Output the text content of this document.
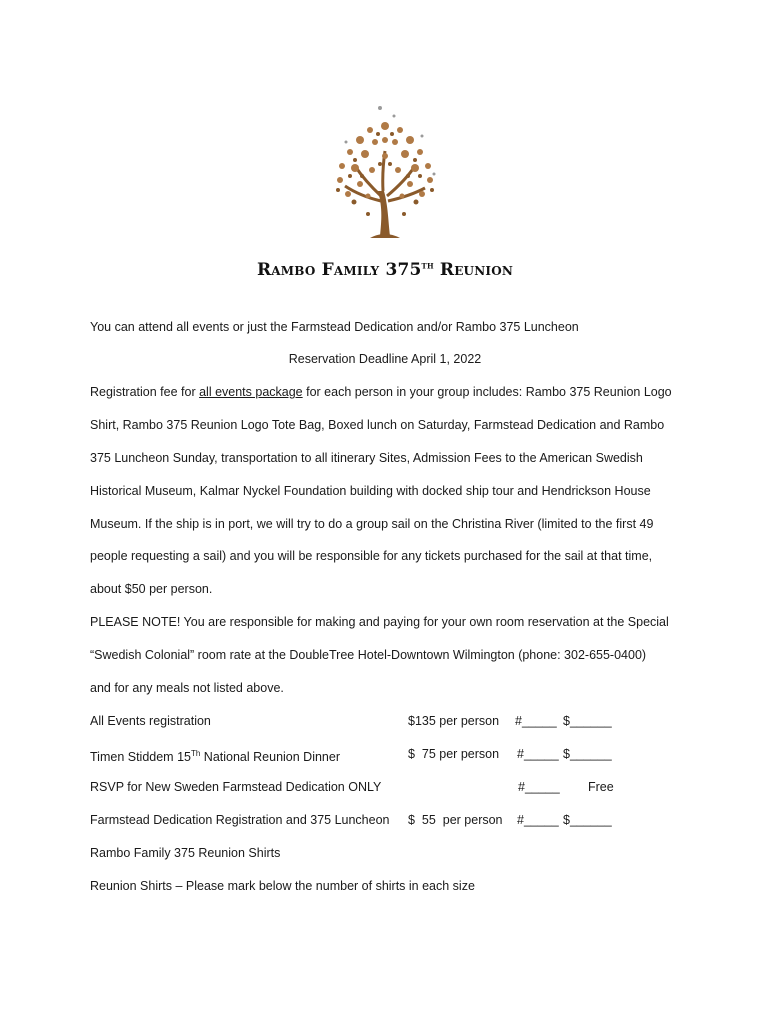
Rambo Family 375th Reunion
You can attend all events or just the Farmstead Dedication and/or Rambo 375 Luncheon
Reservation Deadline April 1, 2022
Registration fee for all events package for each person in your group includes: Rambo 375 Reunion Logo
Shirt, Rambo 375 Reunion Logo Tote Bag, Boxed lunch on Saturday, Farmstead Dedication and Rambo
375 Luncheon Sunday, transportation to all itinerary Sites, Admission Fees to the American Swedish
Historical Museum, Kalmar Nyckel Foundation building with docked ship tour and Hendrickson House
Museum. If the ship is in port, we will try to do a group sail on the Christina River (limited to the first 49
people requesting a sail) and you will be responsible for any tickets purchased for the sail at that time,
about $50 per person.
PLEASE NOTE! You are responsible for making and paying for your own room reservation at the Special
“Swedish Colonial” room rate at the DoubleTree Hotel-Downtown Wilmington (phone: 302-655-0400)
and for any meals not listed above.
All Events registration	$135 per person #_____ $______
Timen Stiddem 15Th National Reunion Dinner	$  75 per person #_____ $______
RSVP for New Sweden Farmstead Dedication ONLY	#_____ Free
Farmstead Dedication Registration and 375 Luncheon $  55  per person #_____ $______
Rambo Family 375 Reunion Shirts
Reunion Shirts – Please mark below the number of shirts in each size
